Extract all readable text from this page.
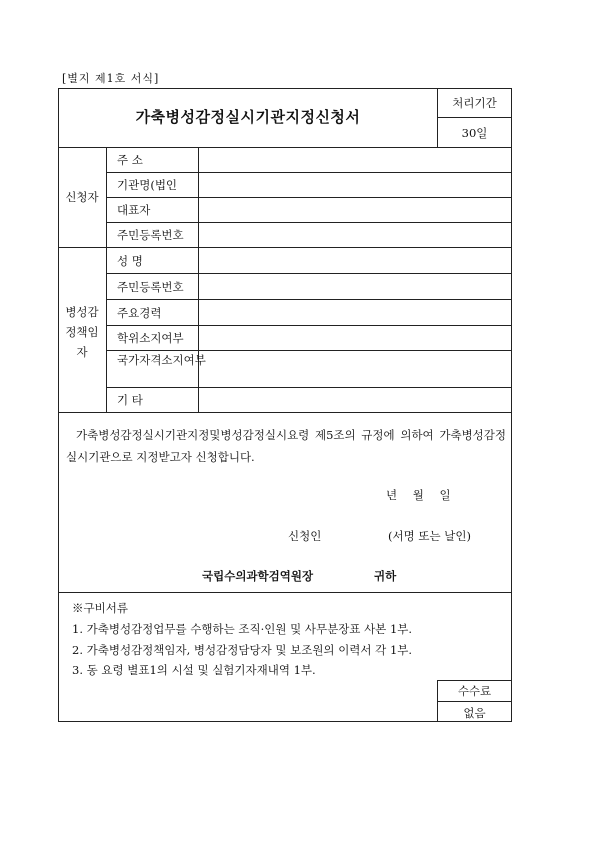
[별지 제1호 서식]
가축병성감정실시기관지정신청서
처리기간
30일
신청자
주 소
기관명(법인
대표자
주민등록번호
병성감
정책임
자
성 명
주민등록번호
주요경력
학위소지여부
국가자격소지여부
기 타
가축병성감정실시기관지정및병성감정실시요령 제5조의 규정에 의하여 가축병성감정실시기관으로 지정받고자 신청합니다.
년 월 일
신청인	(서명 또는 날인)
국립수의과학검역원장	귀하
※구비서류
1. 가축병성감정업무를 수행하는 조직·인원 및 사무분장표 사본 1부.
2. 가축병성감정책임자, 병성감정담당자 및 보조원의 이력서 각 1부.
3. 동 요령 별표1의 시설 및 실험기자재내역 1부.
수수료
없음
